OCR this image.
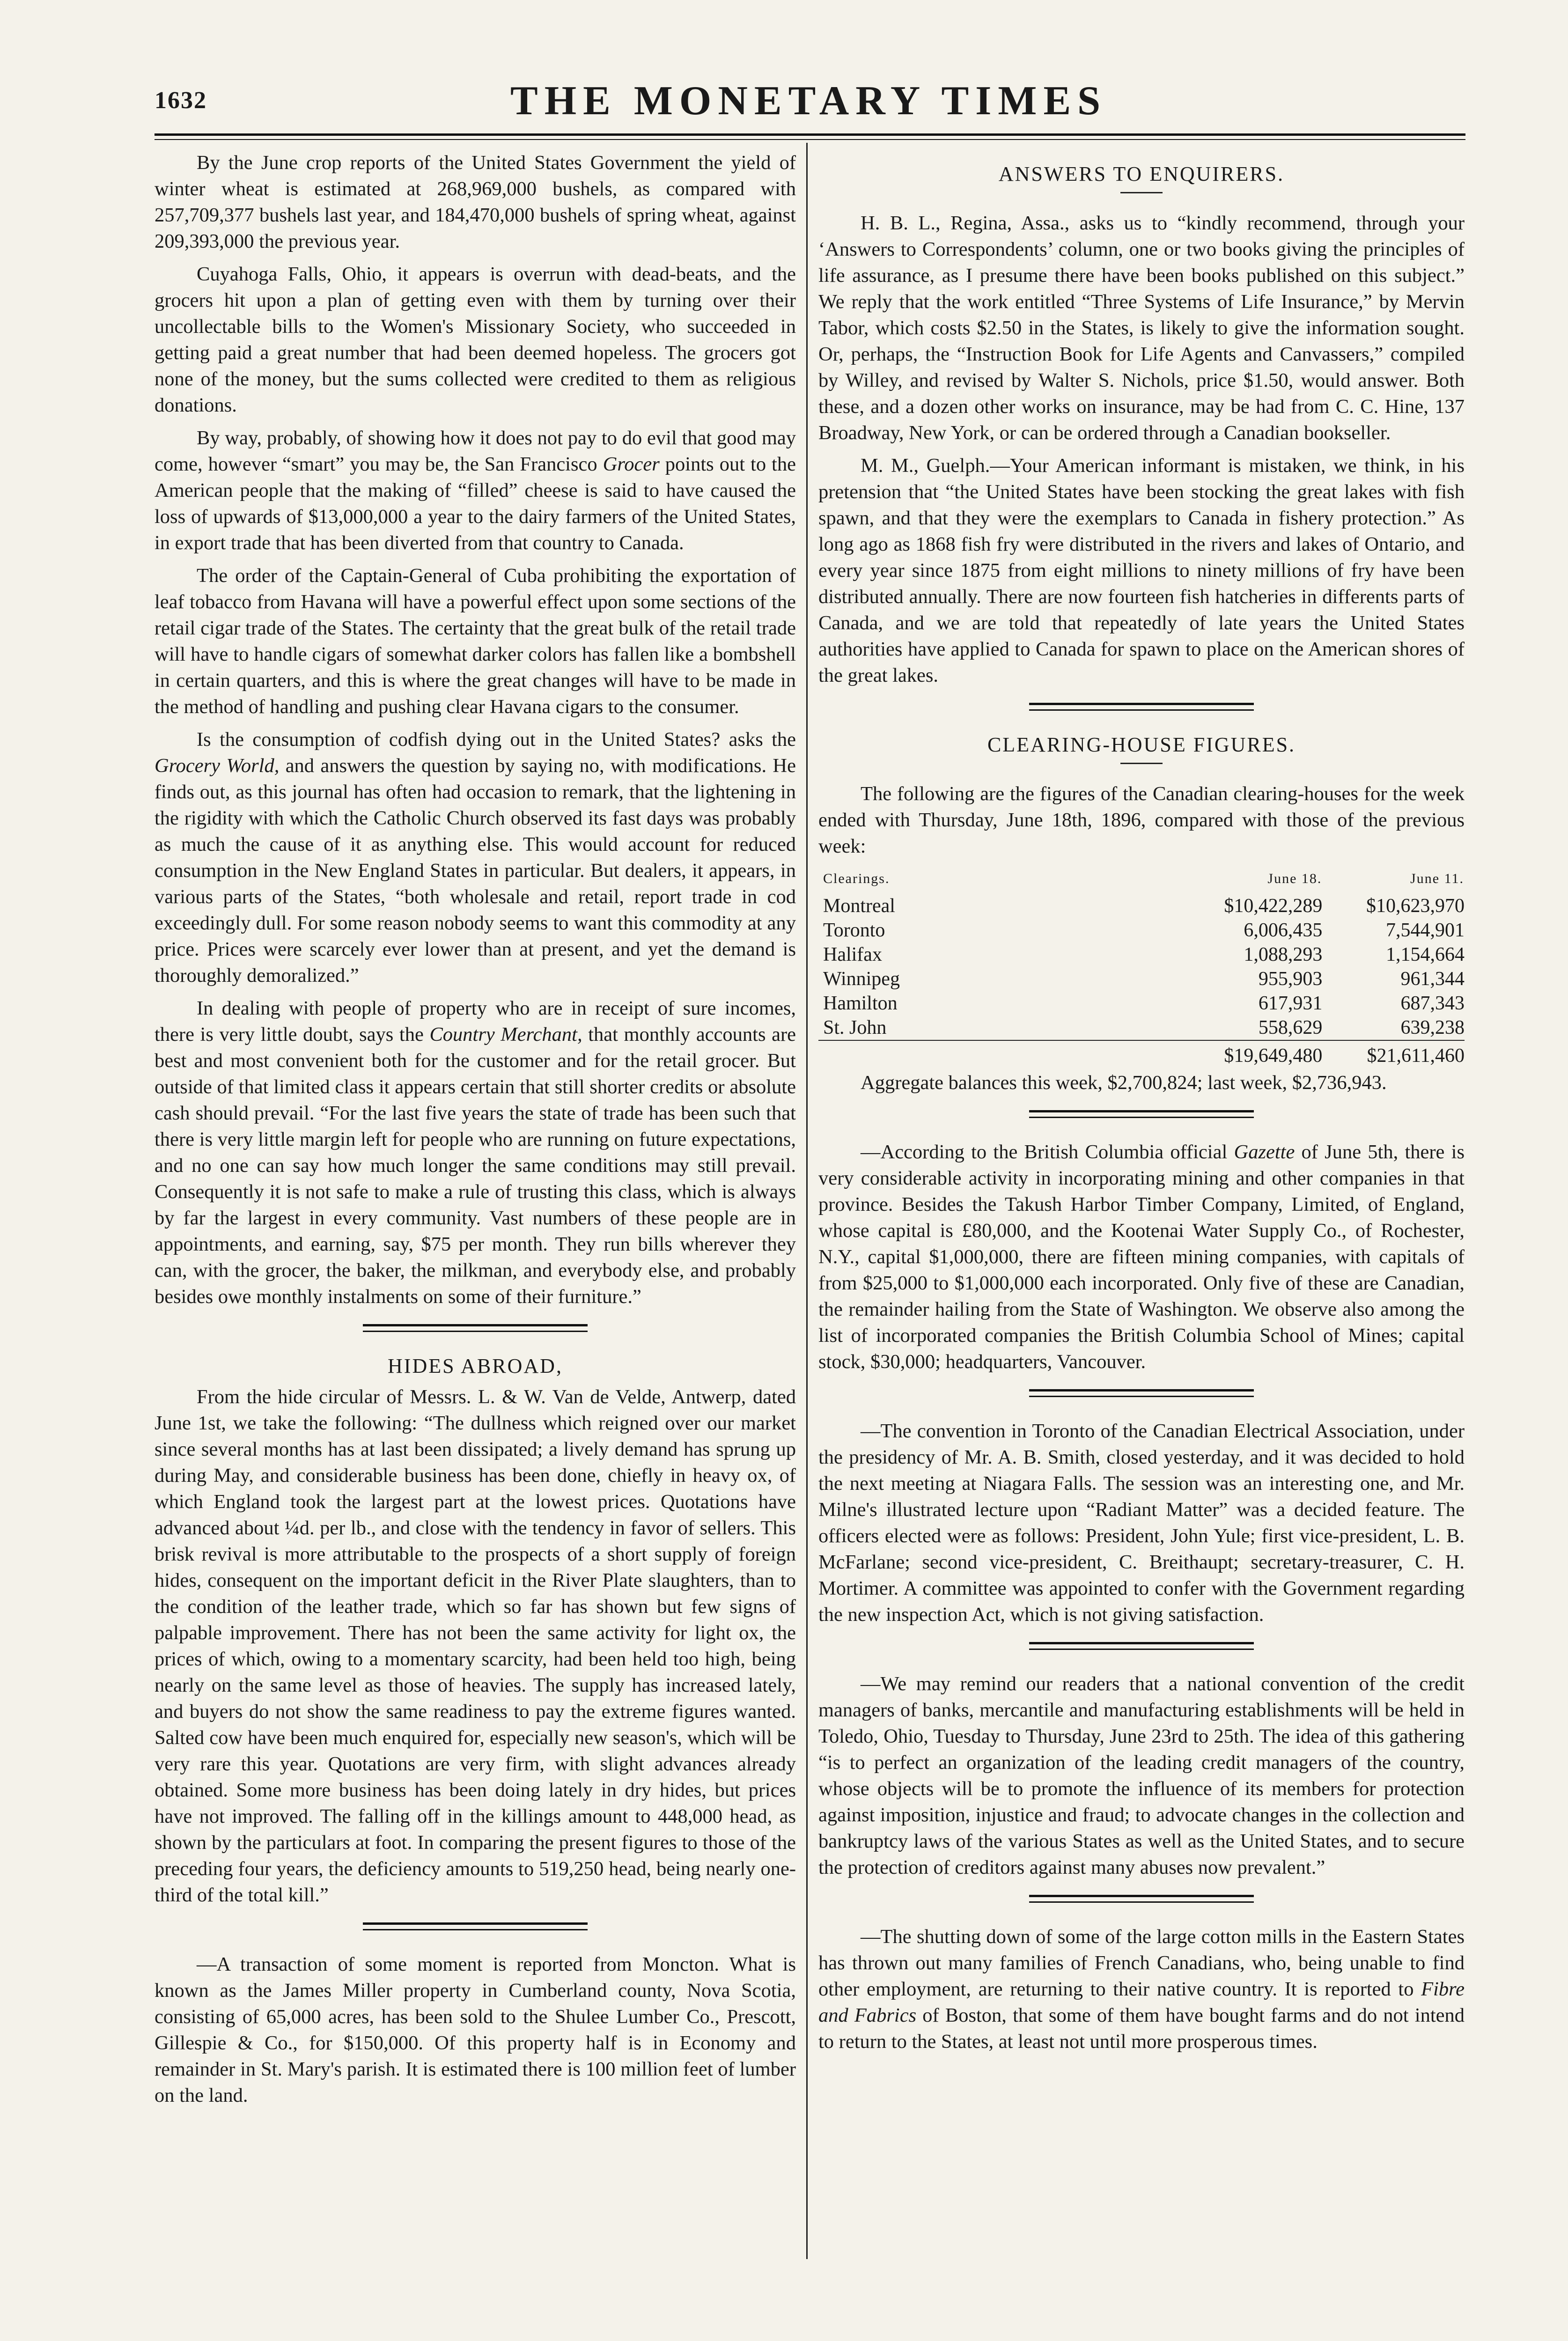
1632	THE MONETARY TIMES

By the June crop reports of the United States Government the yield of winter wheat is estimated at 268,969,000 bushels, as compared with 257,709,377 bushels last year, and 184,470,000 bushels of spring wheat, against 209,393,000 the previous year.

Cuyahoga Falls, Ohio, it appears is overrun with dead-beats, and the grocers hit upon a plan of getting even with them by turning over their uncollectable bills to the Women's Missionary Society, who succeeded in getting paid a great number that had been deemed hopeless. The grocers got none of the money, but the sums collected were credited to them as religious donations.

By way, probably, of showing how it does not pay to do evil that good may come, however “smart” you may be, the San Francisco Grocer points out to the American people that the making of “filled” cheese is said to have caused the loss of upwards of $13,000,000 a year to the dairy farmers of the United States, in export trade that has been diverted from that country to Canada.

The order of the Captain-General of Cuba prohibiting the exportation of leaf tobacco from Havana will have a powerful effect upon some sections of the retail cigar trade of the States. The certainty that the great bulk of the retail trade will have to handle cigars of somewhat darker colors has fallen like a bombshell in certain quarters, and this is where the great changes will have to be made in the method of handling and pushing clear Havana cigars to the consumer.

Is the consumption of codfish dying out in the United States? asks the Grocery World, and answers the question by saying no, with modifications. He finds out, as this journal has often had occasion to remark, that the lightening in the rigidity with which the Catholic Church observed its fast days was probably as much the cause of it as anything else. This would account for reduced consumption in the New England States in particular. But dealers, it appears, in various parts of the States, “both wholesale and retail, report trade in cod exceedingly dull. For some reason nobody seems to want this commodity at any price. Prices were scarcely ever lower than at present, and yet the demand is thoroughly demoralized.”

In dealing with people of property who are in receipt of sure incomes, there is very little doubt, says the Country Merchant, that monthly accounts are best and most convenient both for the customer and for the retail grocer. But outside of that limited class it appears certain that still shorter credits or absolute cash should prevail. “For the last five years the state of trade has been such that there is very little margin left for people who are running on future expectations, and no one can say how much longer the same conditions may still prevail. Consequently it is not safe to make a rule of trusting this class, which is always by far the largest in every community. Vast numbers of these people are in appointments, and earning, say, $75 per month. They run bills wherever they can, with the grocer, the baker, the milkman, and everybody else, and probably besides owe monthly instalments on some of their furniture.”

HIDES ABROAD,

From the hide circular of Messrs. L. & W. Van de Velde, Antwerp, dated June 1st, we take the following: “The dullness which reigned over our market since several months has at last been dissipated; a lively demand has sprung up during May, and considerable business has been done, chiefly in heavy ox, of which England took the largest part at the lowest prices. Quotations have advanced about ¼d. per lb., and close with the tendency in favor of sellers. This brisk revival is more attributable to the prospects of a short supply of foreign hides, consequent on the important deficit in the River Plate slaughters, than to the condition of the leather trade, which so far has shown but few signs of palpable improvement. There has not been the same activity for light ox, the prices of which, owing to a momentary scarcity, had been held too high, being nearly on the same level as those of heavies. The supply has increased lately, and buyers do not show the same readiness to pay the extreme figures wanted. Salted cow have been much enquired for, especially new season's, which will be very rare this year. Quotations are very firm, with slight advances already obtained. Some more business has been doing lately in dry hides, but prices have not improved. The falling off in the killings amount to 448,000 head, as shown by the particulars at foot. In comparing the present figures to those of the preceding four years, the deficiency amounts to 519,250 head, being nearly one-third of the total kill.”

—A transaction of some moment is reported from Moncton. What is known as the James Miller property in Cumberland county, Nova Scotia, consisting of 65,000 acres, has been sold to the Shulee Lumber Co., Prescott, Gillespie & Co., for $150,000. Of this property half is in Economy and remainder in St. Mary's parish. It is estimated there is 100 million feet of lumber on the land.

ANSWERS TO ENQUIRERS.

H. B. L., Regina, Assa., asks us to “kindly recommend, through your ‘Answers to Correspondents’ column, one or two books giving the principles of life assurance, as I presume there have been books published on this subject.” We reply that the work entitled “Three Systems of Life Insurance,” by Mervin Tabor, which costs $2.50 in the States, is likely to give the information sought. Or, perhaps, the “Instruction Book for Life Agents and Canvassers,” compiled by Willey, and revised by Walter S. Nichols, price $1.50, would answer. Both these, and a dozen other works on insurance, may be had from C. C. Hine, 137 Broadway, New York, or can be ordered through a Canadian bookseller.

M. M., Guelph.—Your American informant is mistaken, we think, in his pretension that “the United States have been stocking the great lakes with fish spawn, and that they were the exemplars to Canada in fishery protection.” As long ago as 1868 fish fry were distributed in the rivers and lakes of Ontario, and every year since 1875 from eight millions to ninety millions of fry have been distributed annually. There are now fourteen fish hatcheries in differents parts of Canada, and we are told that repeatedly of late years the United States authorities have applied to Canada for spawn to place on the American shores of the great lakes.

CLEARING-HOUSE FIGURES.

The following are the figures of the Canadian clearing-houses for the week ended with Thursday, June 18th, 1896, compared with those of the previous week:

Clearings.	June 18.	June 11.
Montreal	$10,422,289	$10,623,970
Toronto	6,006,435	7,544,901
Halifax	1,088,293	1,154,664
Winnipeg	955,903	961,344
Hamilton	617,931	687,343
St. John	558,629	639,238
	$19,649,480	$21,611,460

Aggregate balances this week, $2,700,824; last week, $2,736,943.

—According to the British Columbia official Gazette of June 5th, there is very considerable activity in incorporating mining and other companies in that province. Besides the Takush Harbor Timber Company, Limited, of England, whose capital is £80,000, and the Kootenai Water Supply Co., of Rochester, N.Y., capital $1,000,000, there are fifteen mining companies, with capitals of from $25,000 to $1,000,000 each incorporated. Only five of these are Canadian, the remainder hailing from the State of Washington. We observe also among the list of incorporated companies the British Columbia School of Mines; capital stock, $30,000; headquarters, Vancouver.

—The convention in Toronto of the Canadian Electrical Association, under the presidency of Mr. A. B. Smith, closed yesterday, and it was decided to hold the next meeting at Niagara Falls. The session was an interesting one, and Mr. Milne's illustrated lecture upon “Radiant Matter” was a decided feature. The officers elected were as follows: President, John Yule; first vice-president, L. B. McFarlane; second vice-president, C. Breithaupt; secretary-treasurer, C. H. Mortimer. A committee was appointed to confer with the Government regarding the new inspection Act, which is not giving satisfaction.

—We may remind our readers that a national convention of the credit managers of banks, mercantile and manufacturing establishments will be held in Toledo, Ohio, Tuesday to Thursday, June 23rd to 25th. The idea of this gathering “is to perfect an organization of the leading credit managers of the country, whose objects will be to promote the influence of its members for protection against imposition, injustice and fraud; to advocate changes in the collection and bankruptcy laws of the various States as well as the United States, and to secure the protection of creditors against many abuses now prevalent.”

—The shutting down of some of the large cotton mills in the Eastern States has thrown out many families of French Canadians, who, being unable to find other employment, are returning to their native country. It is reported to Fibre and Fabrics of Boston, that some of them have bought farms and do not intend to return to the States, at least not until more prosperous times.
